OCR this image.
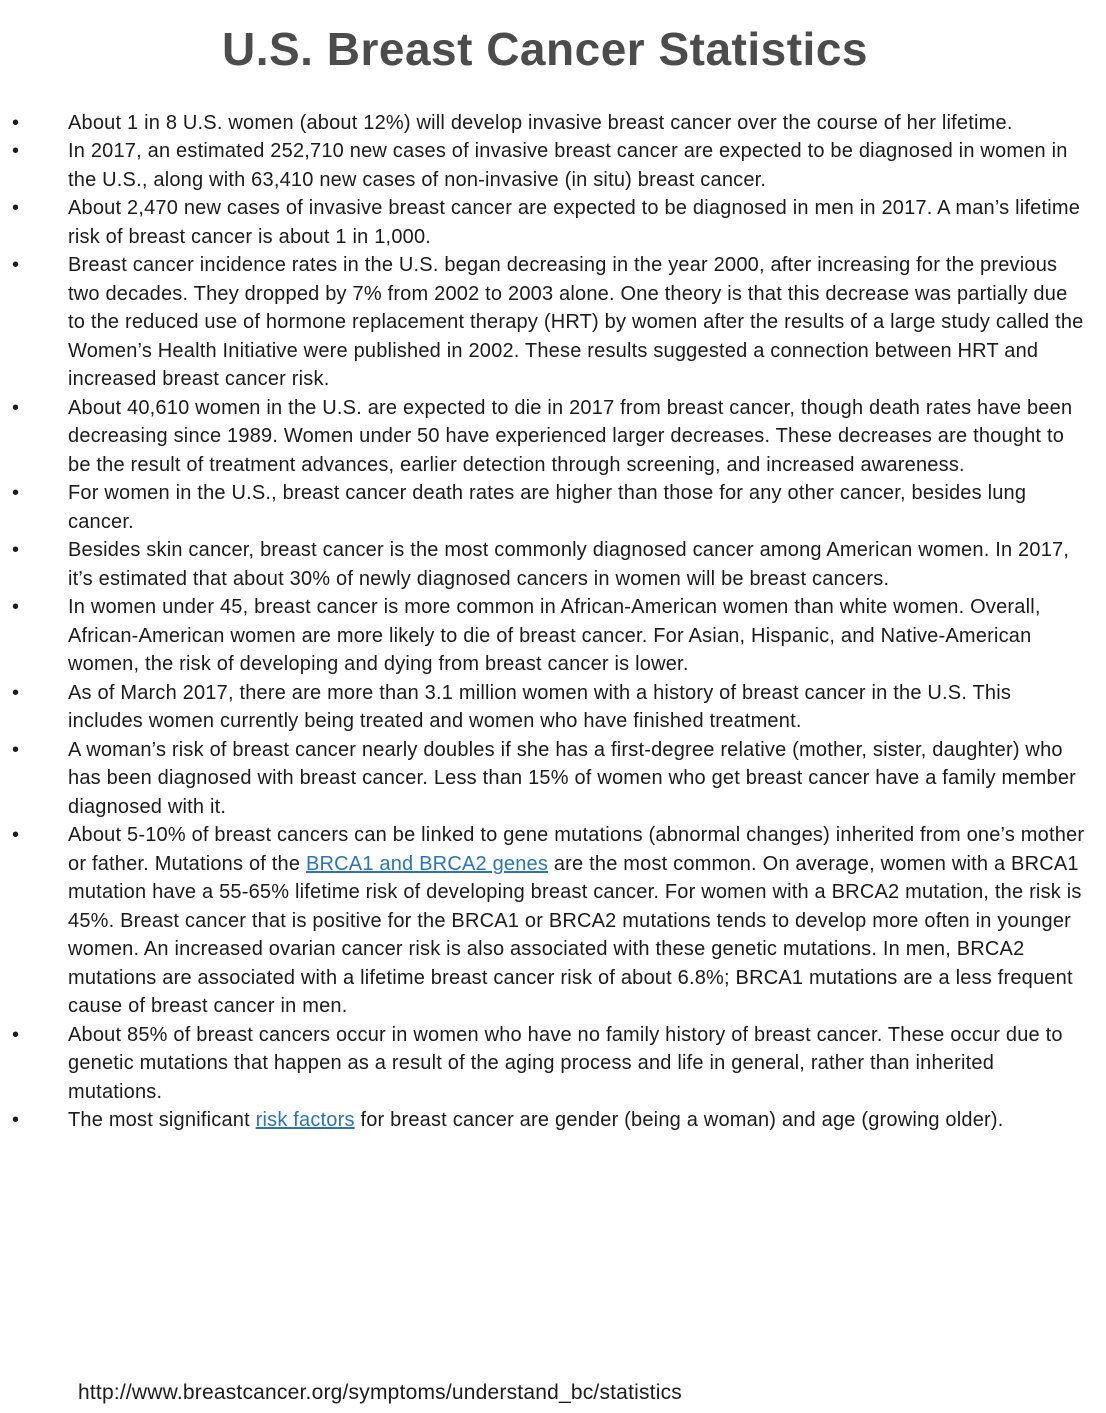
U.S. Breast Cancer Statistics
• About 1 in 8 U.S. women (about 12%) will develop invasive breast cancer over the course of her lifetime.
• In 2017, an estimated 252,710 new cases of invasive breast cancer are expected to be diagnosed in women in the U.S., along with 63,410 new cases of non-invasive (in situ) breast cancer.
• About 2,470 new cases of invasive breast cancer are expected to be diagnosed in men in 2017. A man’s lifetime risk of breast cancer is about 1 in 1,000.
• Breast cancer incidence rates in the U.S. began decreasing in the year 2000, after increasing for the previous two decades. They dropped by 7% from 2002 to 2003 alone. One theory is that this decrease was partially due to the reduced use of hormone replacement therapy (HRT) by women after the results of a large study called the Women’s Health Initiative were published in 2002. These results suggested a connection between HRT and increased breast cancer risk.
• About 40,610 women in the U.S. are expected to die in 2017 from breast cancer, though death rates have been decreasing since 1989. Women under 50 have experienced larger decreases. These decreases are thought to be the result of treatment advances, earlier detection through screening, and increased awareness.
• For women in the U.S., breast cancer death rates are higher than those for any other cancer, besides lung cancer.
• Besides skin cancer, breast cancer is the most commonly diagnosed cancer among American women. In 2017, it’s estimated that about 30% of newly diagnosed cancers in women will be breast cancers.
• In women under 45, breast cancer is more common in African-American women than white women. Overall, African-American women are more likely to die of breast cancer. For Asian, Hispanic, and Native-American women, the risk of developing and dying from breast cancer is lower.
• As of March 2017, there are more than 3.1 million women with a history of breast cancer in the U.S. This includes women currently being treated and women who have finished treatment.
• A woman’s risk of breast cancer nearly doubles if she has a first-degree relative (mother, sister, daughter) who has been diagnosed with breast cancer. Less than 15% of women who get breast cancer have a family member diagnosed with it.
• About 5-10% of breast cancers can be linked to gene mutations (abnormal changes) inherited from one’s mother or father. Mutations of the BRCA1 and BRCA2 genes are the most common. On average, women with a BRCA1 mutation have a 55-65% lifetime risk of developing breast cancer. For women with a BRCA2 mutation, the risk is 45%. Breast cancer that is positive for the BRCA1 or BRCA2 mutations tends to develop more often in younger women. An increased ovarian cancer risk is also associated with these genetic mutations. In men, BRCA2 mutations are associated with a lifetime breast cancer risk of about 6.8%; BRCA1 mutations are a less frequent cause of breast cancer in men.
• About 85% of breast cancers occur in women who have no family history of breast cancer. These occur due to genetic mutations that happen as a result of the aging process and life in general, rather than inherited mutations.
• The most significant risk factors for breast cancer are gender (being a woman) and age (growing older).
http://www.breastcancer.org/symptoms/understand_bc/statistics
